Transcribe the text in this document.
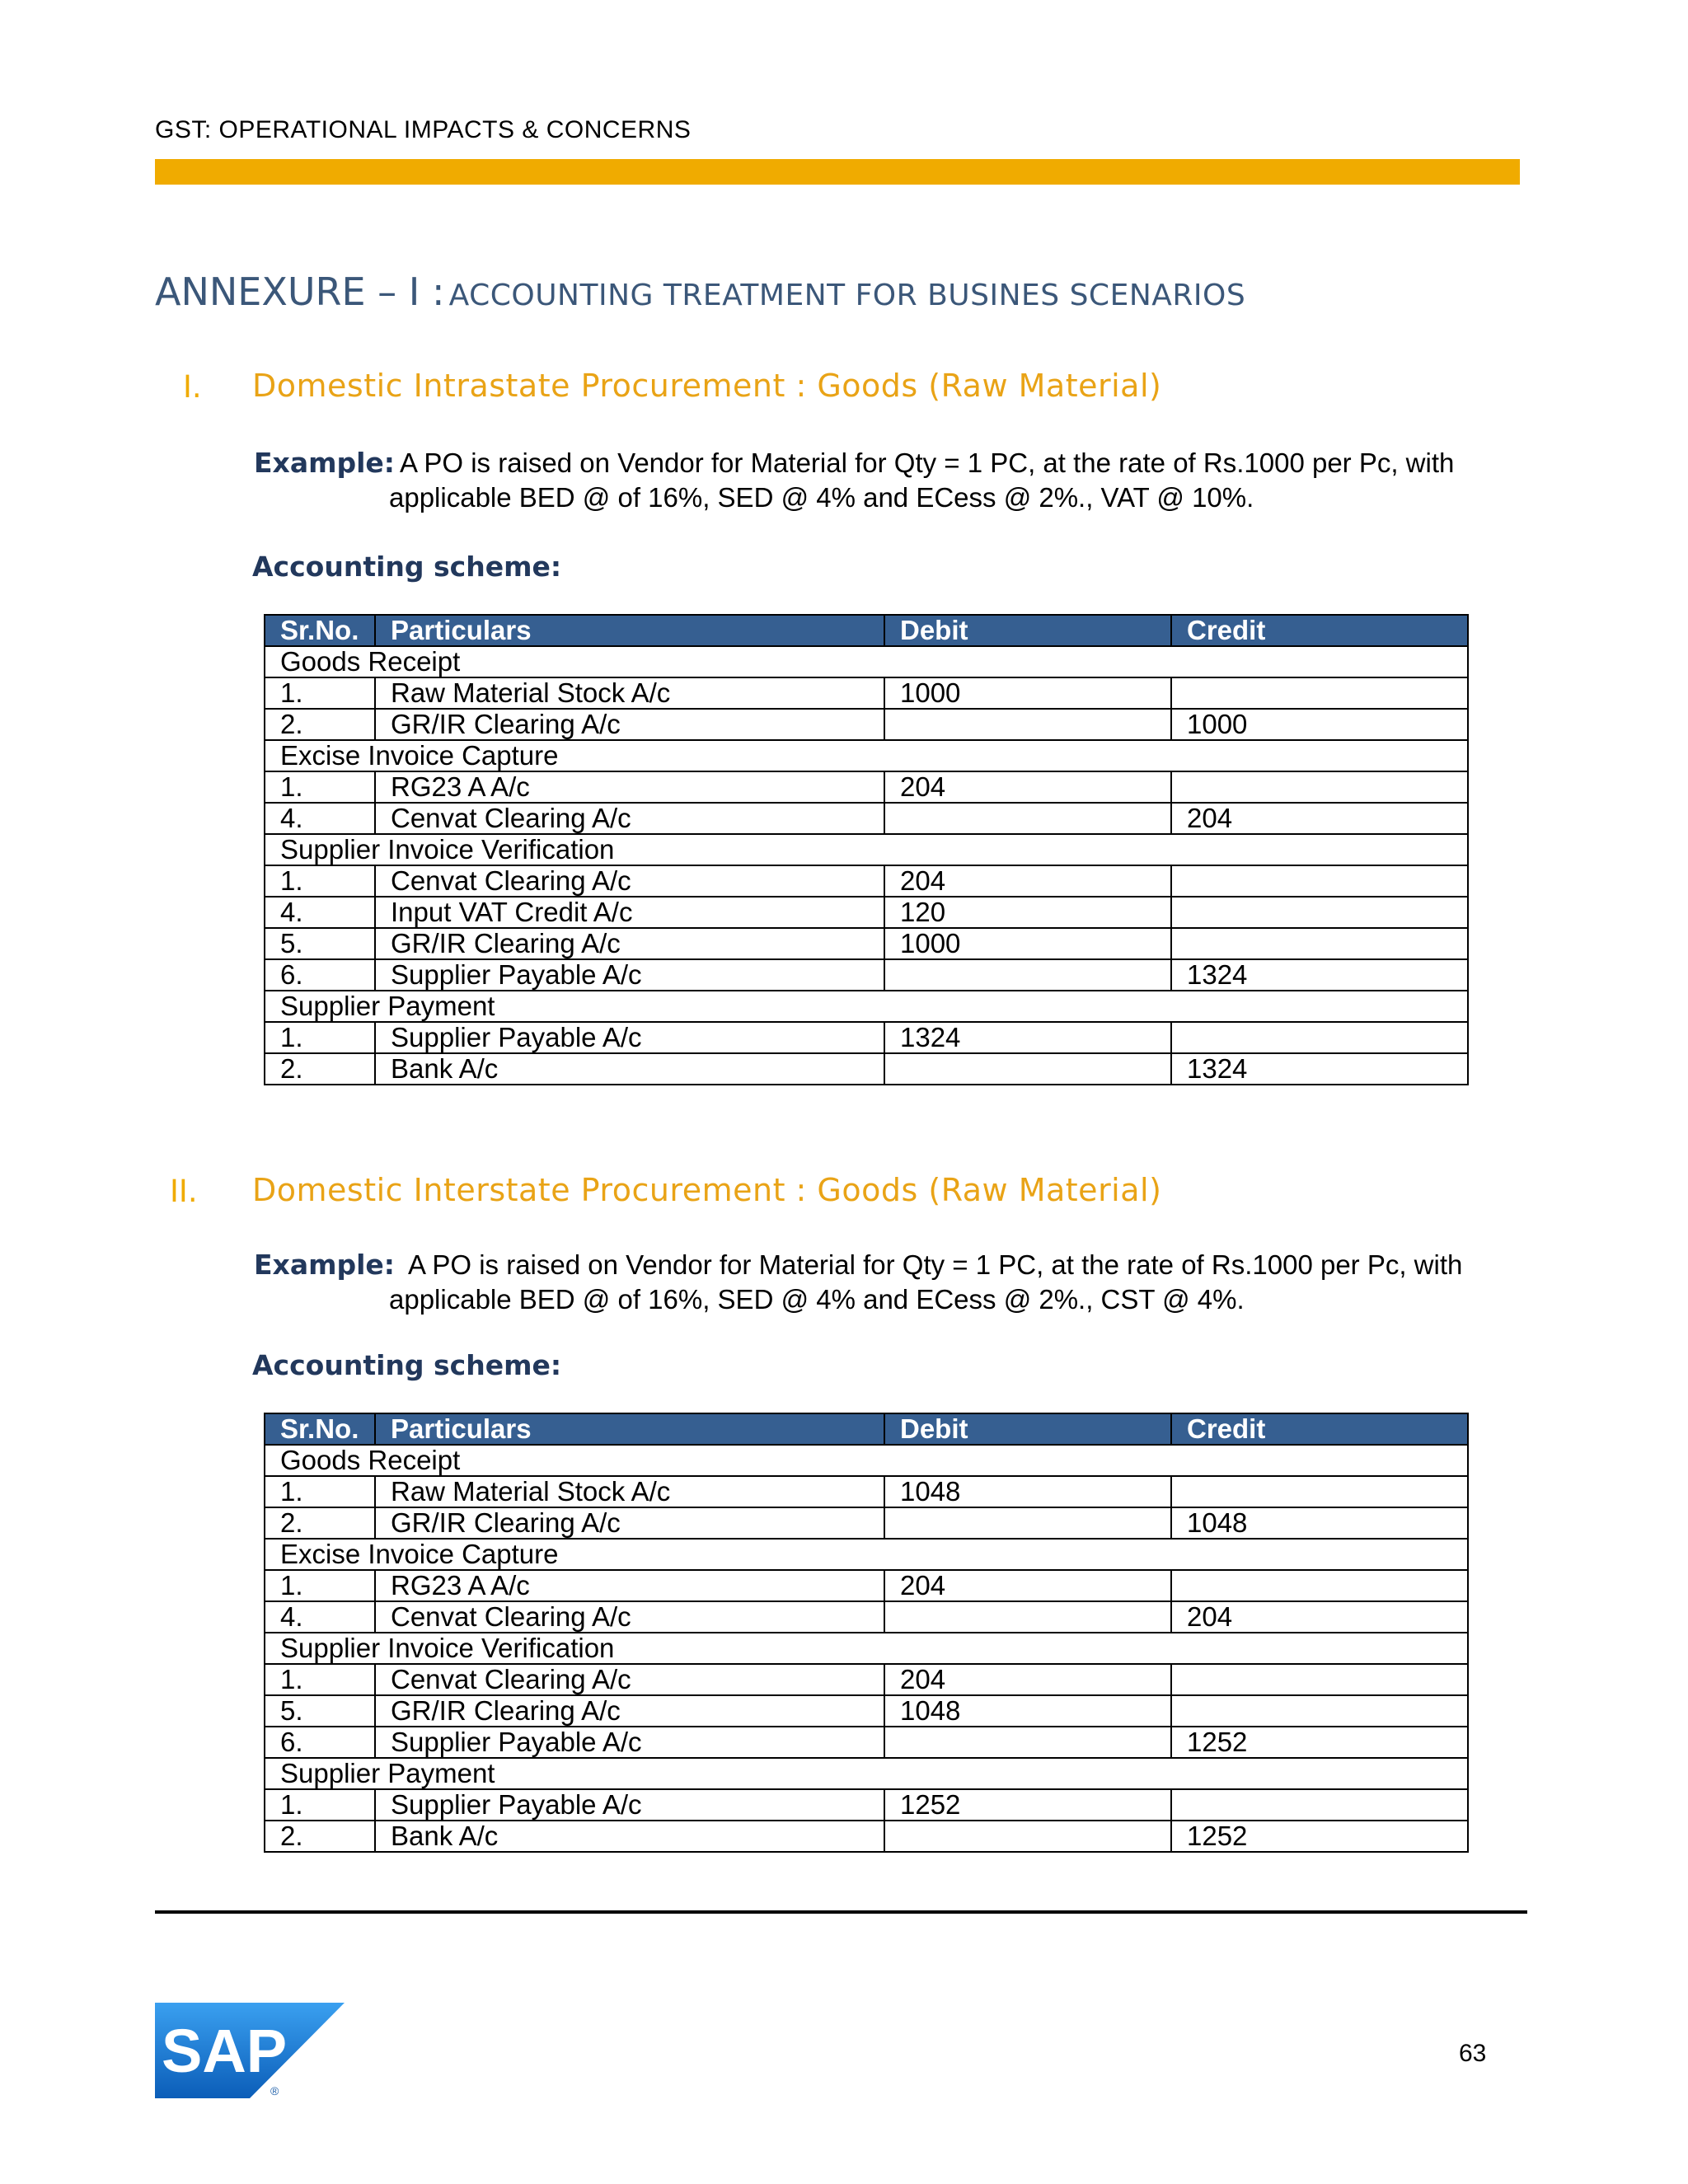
GST: OPERATIONAL IMPACTS & CONCERNS
ANNEXURE – I : ACCOUNTING TREATMENT FOR BUSINES SCENARIOS
I. Domestic Intrastate Procurement : Goods (Raw Material)
Example: A PO is raised on Vendor for Material for Qty = 1 PC, at the rate of Rs.1000 per Pc, with
applicable BED @ of 16%, SED @ 4% and ECess @ 2%., VAT @ 10%.
Accounting scheme:
Sr.No.	Particulars	Debit	Credit
Goods Receipt			
1.	Raw Material Stock A/c	1000	
2.	GR/IR Clearing A/c		1000
Excise Invoice Capture			
1.	RG23 A A/c	204	
4.	Cenvat Clearing A/c		204
Supplier Invoice Verification			
1.	Cenvat Clearing A/c	204	
4.	Input VAT Credit A/c	120	
5.	GR/IR Clearing A/c	1000	
6.	Supplier Payable A/c		1324
Supplier Payment			
1.	Supplier Payable A/c	1324	
2.	Bank A/c		1324
II. Domestic Interstate Procurement : Goods (Raw Material)
Example: A PO is raised on Vendor for Material for Qty = 1 PC, at the rate of Rs.1000 per Pc, with
applicable BED @ of 16%, SED @ 4% and ECess @ 2%., CST @ 4%.
Accounting scheme:
Sr.No.	Particulars	Debit	Credit
Goods Receipt			
1.	Raw Material Stock A/c	1048	
2.	GR/IR Clearing A/c		1048
Excise Invoice Capture			
1.	RG23 A A/c	204	
4.	Cenvat Clearing A/c		204
Supplier Invoice Verification			
1.	Cenvat Clearing A/c	204	
5.	GR/IR Clearing A/c	1048	
6.	Supplier Payable A/c		1252
Supplier Payment			
1.	Supplier Payable A/c	1252	
2.	Bank A/c		1252
SAP
®
63
